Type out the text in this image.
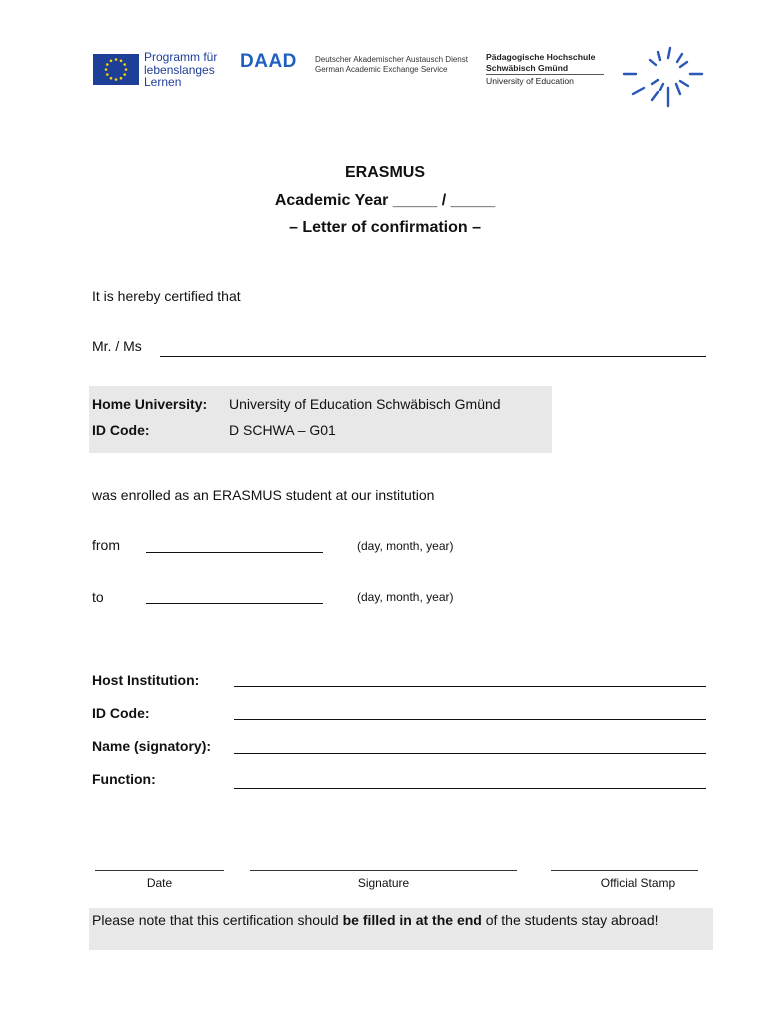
Programm für
lebenslanges
Lernen
DAAD Deutscher Akademischer Austausch Dienst
German Academic Exchange Service
Pädagogische Hochschule
Schwäbisch Gmünd
University of Education
ERASMUS
Academic Year _____ / _____
– Letter of confirmation –
It is hereby certified that
Mr. / Ms
Home University: University of Education Schwäbisch Gmünd
ID Code:	D SCHWA – G01
was enrolled as an ERASMUS student at our institution
from	(day, month, year)
to	(day, month, year)
Host Institution:
ID Code:
Name (signatory):
Function:
Date	Signature	Official Stamp
Please note that this certification should be filled in at the end of the students stay abroad!
